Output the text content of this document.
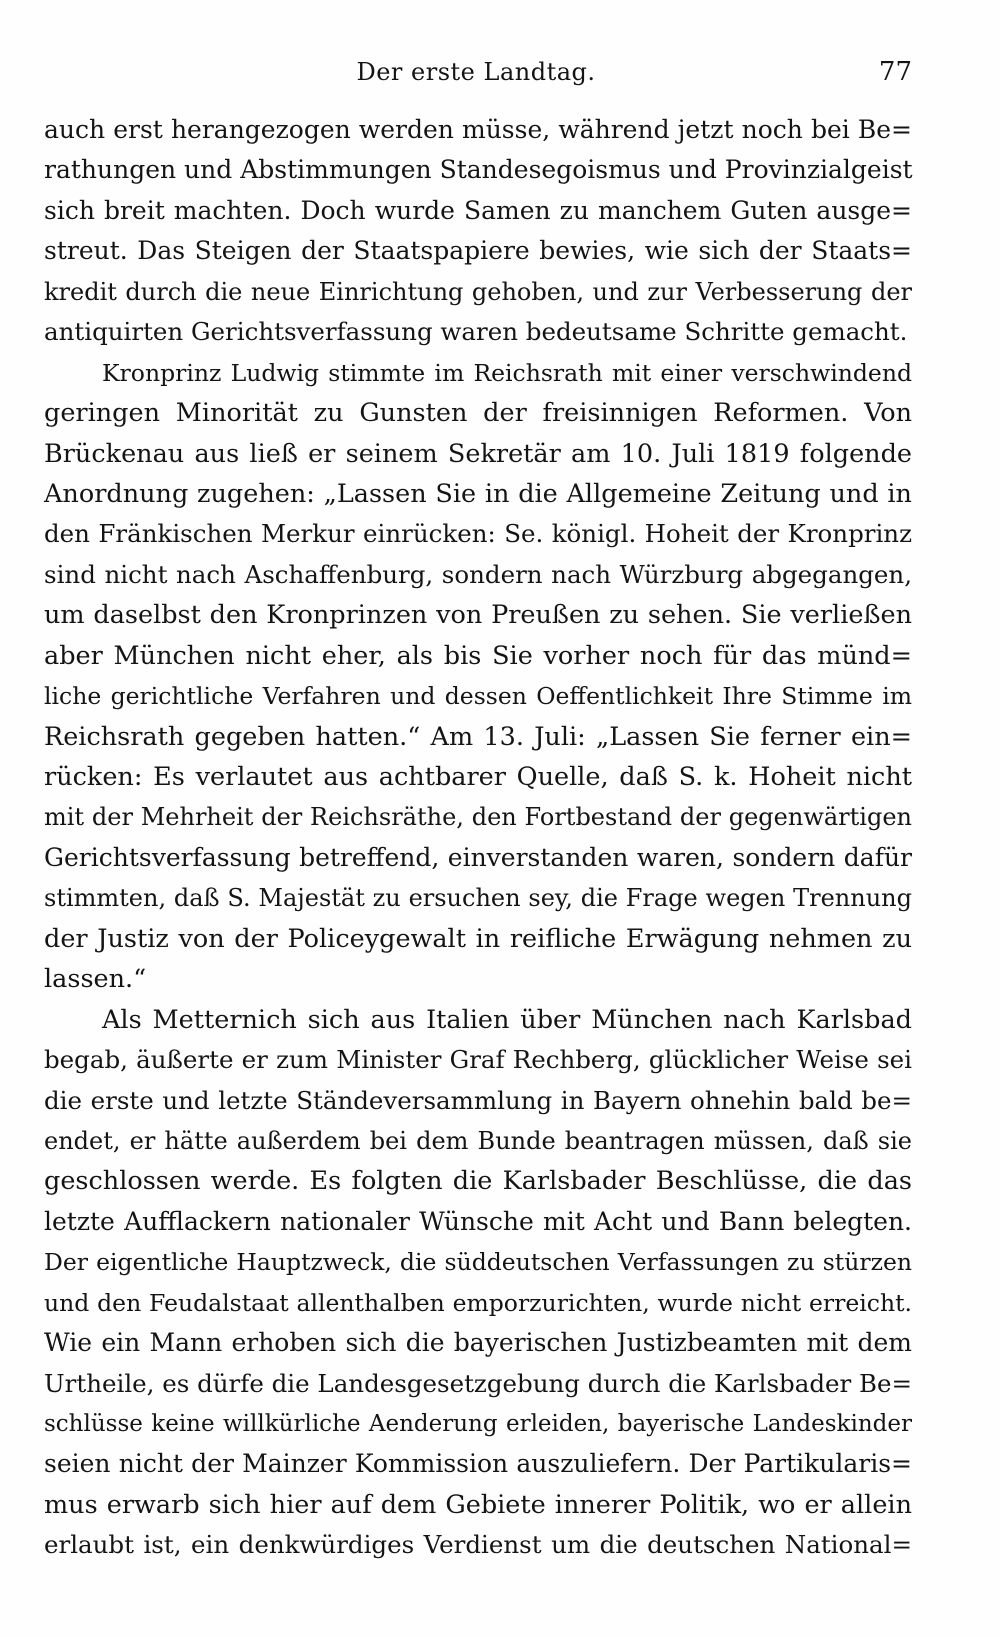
Der erste Landtag.	77
auch erst herangezogen werden müsse, während jetzt noch bei Be=
rathungen und Abstimmungen Standesegoismus und Provinzialgeist
sich breit machten. Doch wurde Samen zu manchem Guten ausge=
streut. Das Steigen der Staatspapiere bewies, wie sich der Staats=
kredit durch die neue Einrichtung gehoben, und zur Verbesserung der
antiquirten Gerichtsverfassung waren bedeutsame Schritte gemacht.
Kronprinz Ludwig stimmte im Reichsrath mit einer verschwindend
geringen Minorität zu Gunsten der freisinnigen Reformen. Von
Brückenau aus ließ er seinem Sekretär am 10. Juli 1819 folgende
Anordnung zugehen: „Lassen Sie in die Allgemeine Zeitung und in
den Fränkischen Merkur einrücken: Se. königl. Hoheit der Kronprinz
sind nicht nach Aschaffenburg, sondern nach Würzburg abgegangen,
um daselbst den Kronprinzen von Preußen zu sehen. Sie verließen
aber München nicht eher, als bis Sie vorher noch für das münd=
liche gerichtliche Verfahren und dessen Oeffentlichkeit Ihre Stimme im
Reichsrath gegeben hatten.“ Am 13. Juli: „Lassen Sie ferner ein=
rücken: Es verlautet aus achtbarer Quelle, daß S. k. Hoheit nicht
mit der Mehrheit der Reichsräthe, den Fortbestand der gegenwärtigen
Gerichtsverfassung betreffend, einverstanden waren, sondern dafür
stimmten, daß S. Majestät zu ersuchen sey, die Frage wegen Trennung
der Justiz von der Policeygewalt in reifliche Erwägung nehmen zu
lassen.“
Als Metternich sich aus Italien über München nach Karlsbad
begab, äußerte er zum Minister Graf Rechberg, glücklicher Weise sei
die erste und letzte Ständeversammlung in Bayern ohnehin bald be=
endet, er hätte außerdem bei dem Bunde beantragen müssen, daß sie
geschlossen werde. Es folgten die Karlsbader Beschlüsse, die das
letzte Aufflackern nationaler Wünsche mit Acht und Bann belegten.
Der eigentliche Hauptzweck, die süddeutschen Verfassungen zu stürzen
und den Feudalstaat allenthalben emporzurichten, wurde nicht erreicht.
Wie ein Mann erhoben sich die bayerischen Justizbeamten mit dem
Urtheile, es dürfe die Landesgesetzgebung durch die Karlsbader Be=
schlüsse keine willkürliche Aenderung erleiden, bayerische Landeskinder
seien nicht der Mainzer Kommission auszuliefern. Der Partikularis=
mus erwarb sich hier auf dem Gebiete innerer Politik, wo er allein
erlaubt ist, ein denkwürdiges Verdienst um die deutschen National=
